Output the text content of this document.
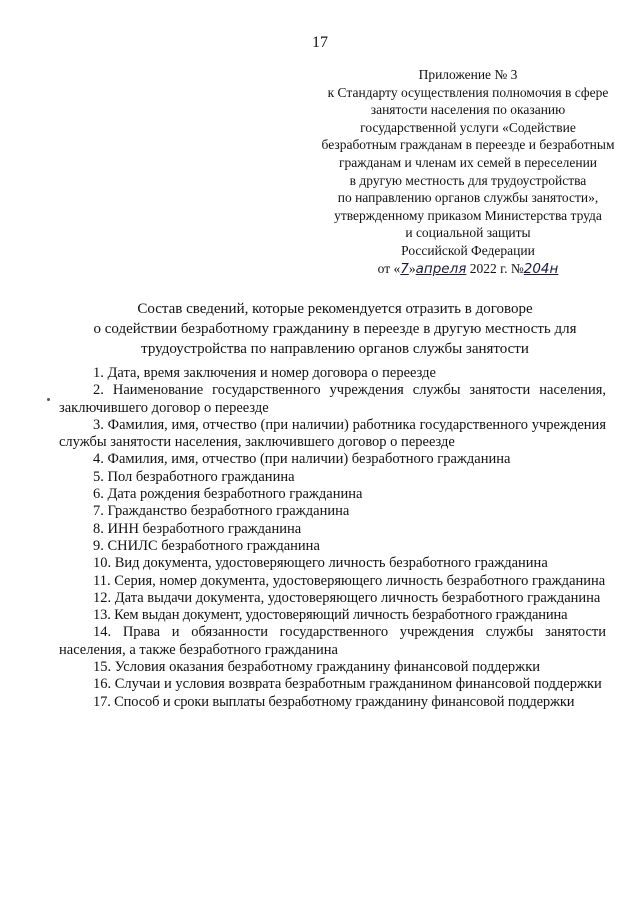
17
Приложение № 3
к Стандарту осуществления полномочия в сфере
занятости населения по оказанию
государственной услуги «Содействие
безработным гражданам в переезде и безработным
гражданам и членам их семей в переселении
в другую местность для трудоустройства
по направлению органов службы занятости»,
утвержденному приказом Министерства труда
и социальной защиты
Российской Федерации
от «7»апреля 2022 г. №204н
Состав сведений, которые рекомендуется отразить в договоре
о содействии безработному гражданину в переезде в другую местность для
трудоустройства по направлению органов службы занятости

1. Дата, время заключения и номер договора о переезде

2. Наименование государственного учреждения службы занятости населения, заключившего договор о переезде

3. Фамилия, имя, отчество (при наличии) работника государственного учреждения службы занятости населения, заключившего договор о переезде

4. Фамилия, имя, отчество (при наличии) безработного гражданина

5. Пол безработного гражданина

6. Дата рождения безработного гражданина

7. Гражданство безработного гражданина

8. ИНН безработного гражданина

9. СНИЛС безработного гражданина

10. Вид документа, удостоверяющего личность безработного гражданина

11. Серия, номер документа, удостоверяющего личность безработного гражданина

12. Дата выдачи документа, удостоверяющего личность безработного гражданина

13. Кем выдан документ, удостоверяющий личность безработного гражданина

14. Права и обязанности государственного учреждения службы занятости населения, а также безработного гражданина

15. Условия оказания безработному гражданину финансовой поддержки

16. Случаи и условия возврата безработным гражданином финансовой поддержки

17. Способ и сроки выплаты безработному гражданину финансовой поддержки
